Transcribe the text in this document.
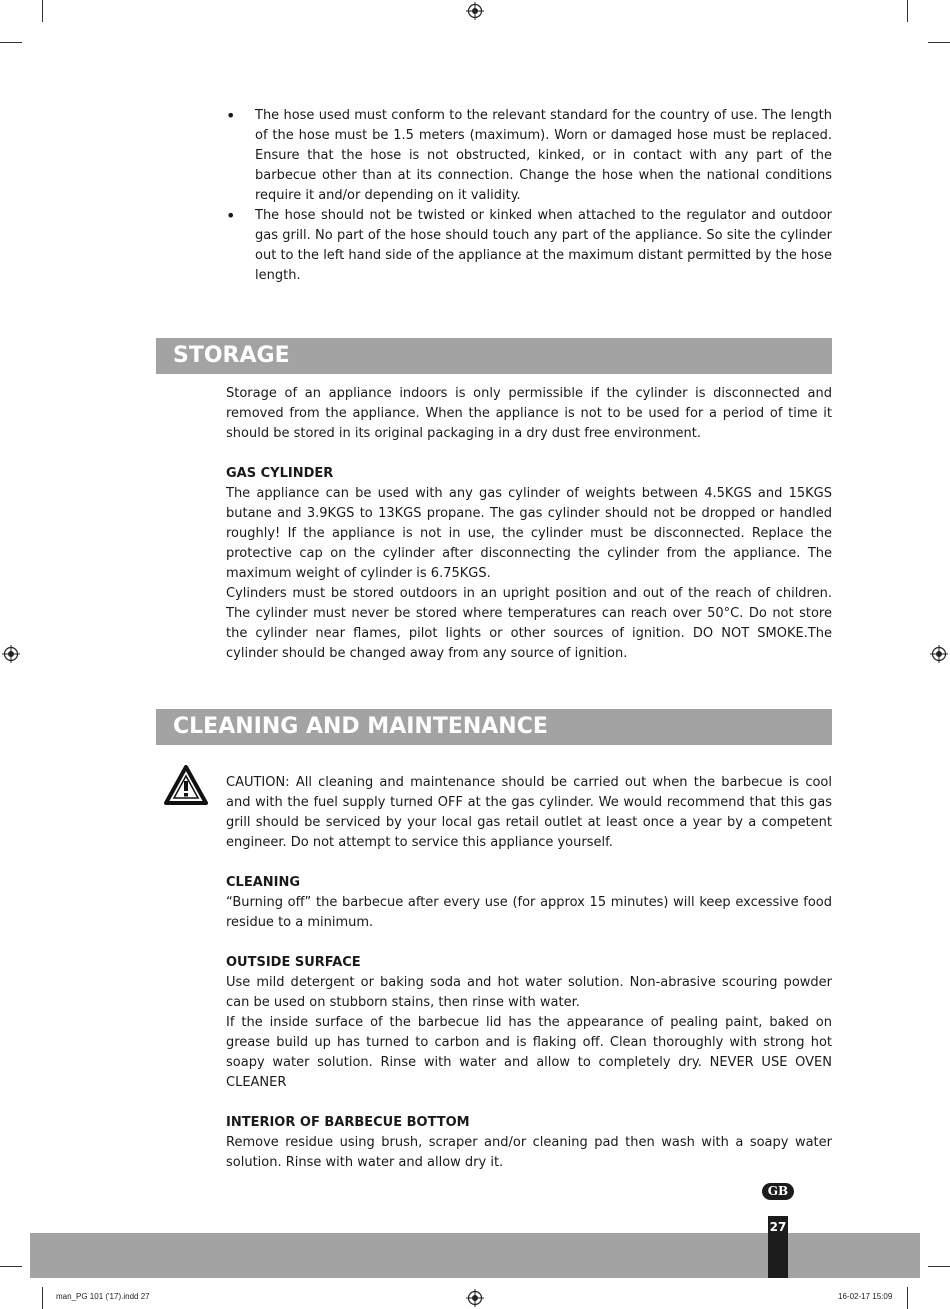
• The hose used must conform to the relevant standard for the country of use. The length of the hose must be 1.5 meters (maximum). Worn or damaged hose must be replaced. Ensure that the hose is not obstructed, kinked, or in contact with any part of the barbecue other than at its connection. Change the hose when the national conditions require it and/or depending on it validity.

• The hose should not be twisted or kinked when attached to the regulator and outdoor gas grill. No part of the hose should touch any part of the appliance. So site the cylinder out to the left hand side of the appliance at the maximum distant permitted by the hose length.

STORAGE

Storage of an appliance indoors is only permissible if the cylinder is disconnected and removed from the appliance. When the appliance is not to be used for a period of time it should be stored in its original packaging in a dry dust free environment.

GAS CYLINDER

The appliance can be used with any gas cylinder of weights between 4.5KGS and 15KGS butane and 3.9KGS to 13KGS propane. The gas cylinder should not be dropped or handled roughly! If the appliance is not in use, the cylinder must be disconnected. Replace the protective cap on the cylinder after disconnecting the cylinder from the appliance. The maximum weight of cylinder is 6.75KGS.

Cylinders must be stored outdoors in an upright position and out of the reach of children. The cylinder must never be stored where temperatures can reach over 50°C. Do not store the cylinder near flames, pilot lights or other sources of ignition. DO NOT SMOKE.The cylinder should be changed away from any source of ignition.

CLEANING AND MAINTENANCE

CAUTION: All cleaning and maintenance should be carried out when the barbecue is cool and with the fuel supply turned OFF at the gas cylinder. We would recommend that this gas grill should be serviced by your local gas retail outlet at least once a year by a competent engineer. Do not attempt to service this appliance yourself.

CLEANING

“Burning off” the barbecue after every use (for approx 15 minutes) will keep excessive food residue to a minimum.

OUTSIDE SURFACE

Use mild detergent or baking soda and hot water solution. Non-abrasive scouring powder can be used on stubborn stains, then rinse with water.

If the inside surface of the barbecue lid has the appearance of pealing paint, baked on grease build up has turned to carbon and is flaking off. Clean thoroughly with strong hot soapy water solution. Rinse with water and allow to completely dry. NEVER USE OVEN CLEANER

INTERIOR OF BARBECUE BOTTOM

Remove residue using brush, scraper and/or cleaning pad then wash with a soapy water solution. Rinse with water and allow dry it.

GB
27
man_PG 101 ('17).indd 27	16-02-17 15:09
